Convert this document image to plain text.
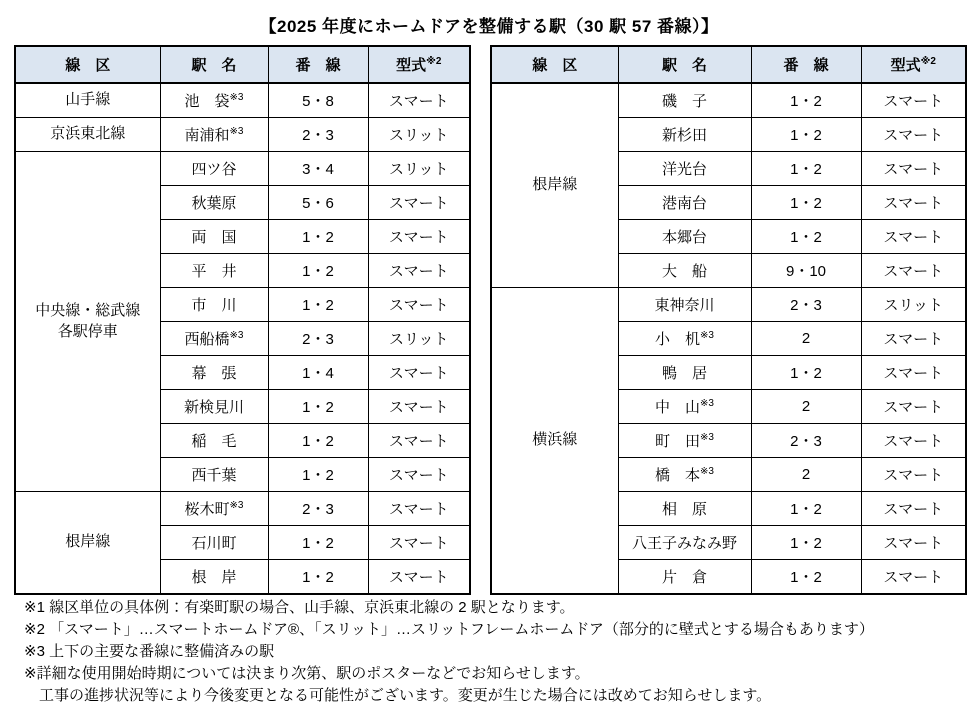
【2025 年度にホームドアを整備する駅（30 駅 57 番線）】
線　区	駅　名	番　線	型式$^{※2}$
山手線	池　袋$^{※3}$	5・8	スマート
京浜東北線	南浦和$^{※3}$	2・3	スリット
中央線・総武線
各駅停車	四ツ谷	3・4	スリット
	秋葉原	5・6	スマート
	両　国	1・2	スマート
	平　井	1・2	スマート
	市　川	1・2	スマート
	西船橋$^{※3}$	2・3	スリット
	幕　張	1・4	スマート
	新検見川	1・2	スマート
	稲　毛	1・2	スマート
	西千葉	1・2	スマート
根岸線	桜木町$^{※3}$	2・3	スマート
	石川町	1・2	スマート
	根　岸	1・2	スマート
線　区	駅　名	番　線	型式$^{※2}$
根岸線	磯　子	1・2	スマート
	新杉田	1・2	スマート
	洋光台	1・2	スマート
	港南台	1・2	スマート
	本郷台	1・2	スマート
	大　船	9・10	スマート
横浜線	東神奈川	2・3	スリット
	小　机$^{※3}$	2	スマート
	鴨　居	1・2	スマート
	中　山$^{※3}$	2	スマート
	町　田$^{※3}$	2・3	スマート
	橋　本$^{※3}$	2	スマート
	相　原	1・2	スマート
	八王子みなみ野	1・2	スマート
	片　倉	1・2	スマート
※1 線区単位の具体例：有楽町駅の場合、山手線、京浜東北線の 2 駅となります。
※2 「スマート」…スマートホームドア®、「スリット」…スリットフレームホームドア（部分的に壁式とする場合もあります）
※3 上下の主要な番線に整備済みの駅
※詳細な使用開始時期については決まり次第、駅のポスターなどでお知らせします。
　工事の進捗状況等により今後変更となる可能性がございます。変更が生じた場合には改めてお知らせします。
